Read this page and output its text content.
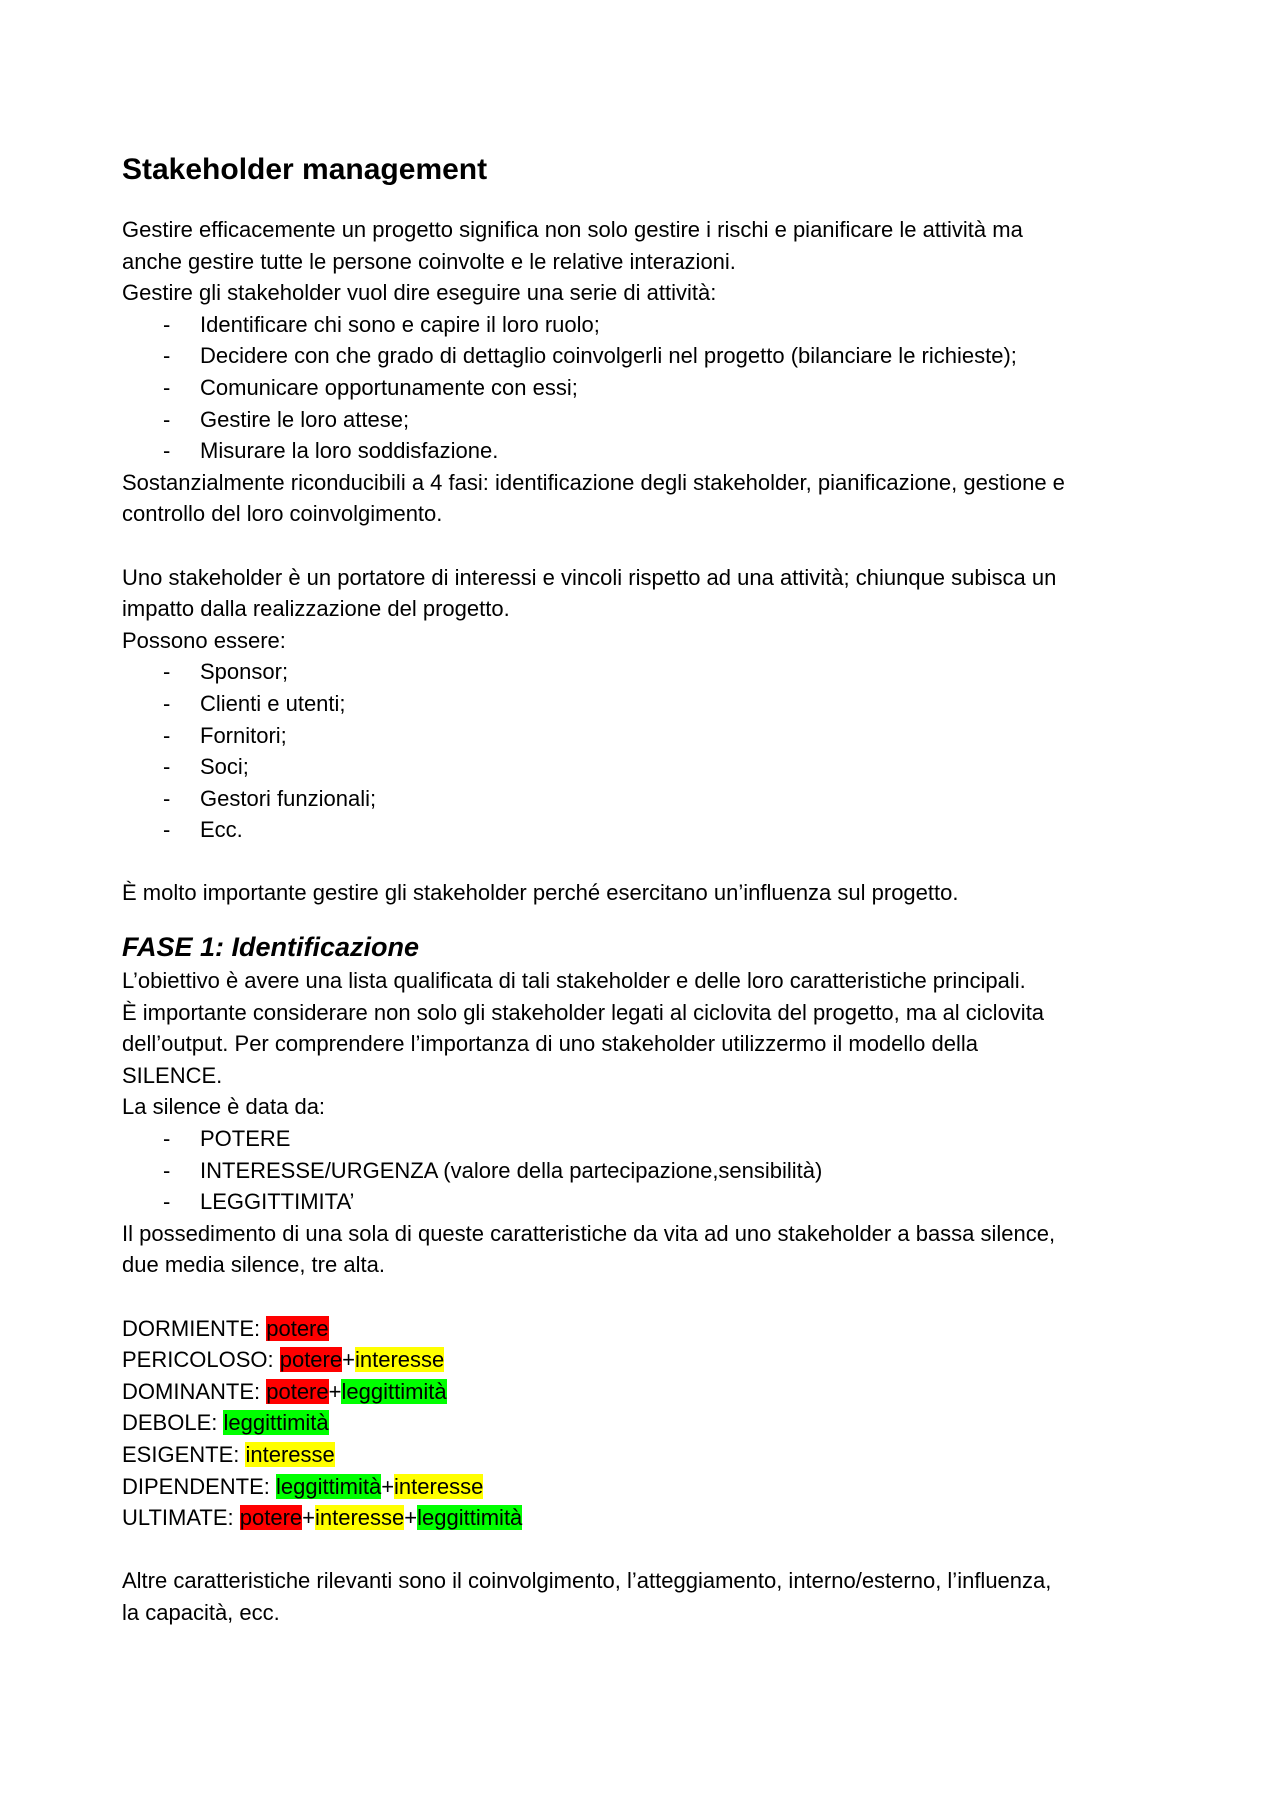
Stakeholder management
Gestire efficacemente un progetto significa non solo gestire i rischi e pianificare le attività ma
anche gestire tutte le persone coinvolte e le relative interazioni.
Gestire gli stakeholder vuol dire eseguire una serie di attività:
- Identificare chi sono e capire il loro ruolo;
- Decidere con che grado di dettaglio coinvolgerli nel progetto (bilanciare le richieste);
- Comunicare opportunamente con essi;
- Gestire le loro attese;
- Misurare la loro soddisfazione.
Sostanzialmente riconducibili a 4 fasi: identificazione degli stakeholder, pianificazione, gestione e
controllo del loro coinvolgimento.
Uno stakeholder è un portatore di interessi e vincoli rispetto ad una attività; chiunque subisca un
impatto dalla realizzazione del progetto.
Possono essere:
- Sponsor;
- Clienti e utenti;
- Fornitori;
- Soci;
- Gestori funzionali;
- Ecc.
È molto importante gestire gli stakeholder perché esercitano un’influenza sul progetto.
FASE 1: Identificazione
L’obiettivo è avere una lista qualificata di tali stakeholder e delle loro caratteristiche principali.
È importante considerare non solo gli stakeholder legati al ciclovita del progetto, ma al ciclovita
dell’output. Per comprendere l’importanza di uno stakeholder utilizzermo il modello della
SILENCE.
La silence è data da:
- POTERE
- INTERESSE/URGENZA (valore della partecipazione,sensibilità)
- LEGGITTIMITA’
Il possedimento di una sola di queste caratteristiche da vita ad uno stakeholder a bassa silence,
due media silence, tre alta.
DORMIENTE: potere
PERICOLOSO: potere+interesse
DOMINANTE: potere+leggittimità
DEBOLE: leggittimità
ESIGENTE: interesse
DIPENDENTE: leggittimità+interesse
ULTIMATE: potere+interesse+leggittimità
Altre caratteristiche rilevanti sono il coinvolgimento, l’atteggiamento, interno/esterno, l’influenza,
la capacità, ecc.
